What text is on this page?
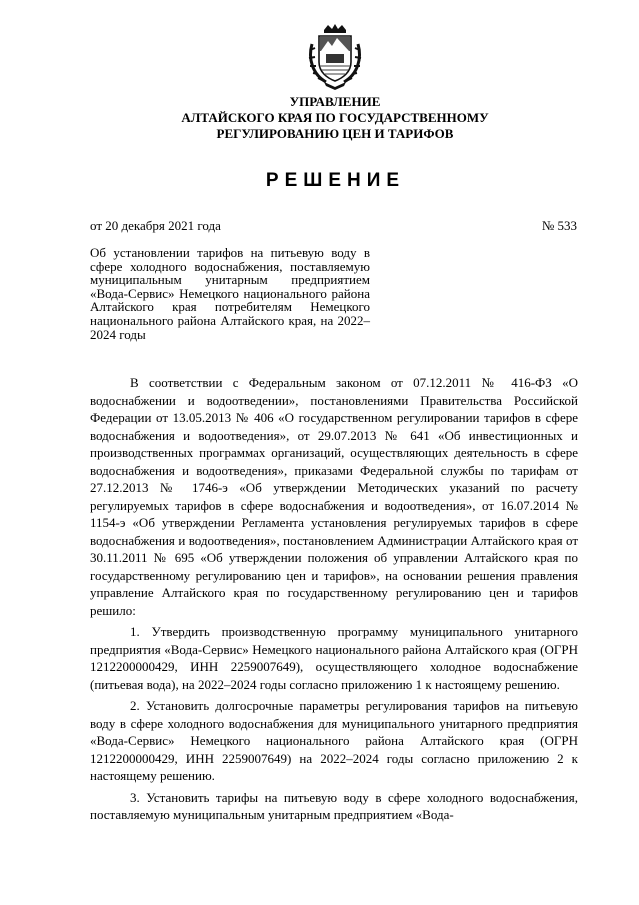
УПРАВЛЕНИЕ
АЛТАЙСКОГО КРАЯ ПО ГОСУДАРСТВЕННОМУ
РЕГУЛИРОВАНИЮ ЦЕН И ТАРИФОВ
РЕШЕНИЕ
от 20 декабря 2021 года	№ 533
Об установлении тарифов на питьевую воду в сфере холодного водоснабжения, поставляемую муниципальным унитарным предприятием «Вода-Сервис» Немецкого национального района Алтайского края потребителям Немецкого национального района Алтайского края, на 2022–2024 годы

В соответствии с Федеральным законом от 07.12.2011 № 416-ФЗ «О водоснабжении и водоотведении», постановлениями Правительства Российской Федерации от 13.05.2013 № 406 «О государственном регулировании тарифов в сфере водоснабжения и водоотведения», от 29.07.2013 № 641 «Об инвестиционных и производственных программах организаций, осуществляющих деятельность в сфере водоснабжения и водоотведения», приказами Федеральной службы по тарифам от 27.12.2013 № 1746-э «Об утверждении Методических указаний по расчету регулируемых тарифов в сфере водоснабжения и водоотведения», от 16.07.2014 № 1154-э «Об утверждении Регламента установления регулируемых тарифов в сфере водоснабжения и водоотведения», постановлением Администрации Алтайского края от 30.11.2011 № 695 «Об утверждении положения об управлении Алтайского края по государственному регулированию цен и тарифов», на основании решения правления управление Алтайского края по государственному регулированию цен и тарифов решило:

1. Утвердить производственную программу муниципального унитарного предприятия «Вода-Сервис» Немецкого национального района Алтайского края (ОГРН 1212200000429, ИНН 2259007649), осуществляющего холодное водоснабжение (питьевая вода), на 2022–2024 годы согласно приложению 1 к настоящему решению.

2. Установить долгосрочные параметры регулирования тарифов на питьевую воду в сфере холодного водоснабжения для муниципального унитарного предприятия «Вода-Сервис» Немецкого национального района Алтайского края (ОГРН 1212200000429, ИНН 2259007649) на 2022–2024 годы согласно приложению 2 к настоящему решению.

3. Установить тарифы на питьевую воду в сфере холодного водоснабжения, поставляемую муниципальным унитарным предприятием «Вода-
